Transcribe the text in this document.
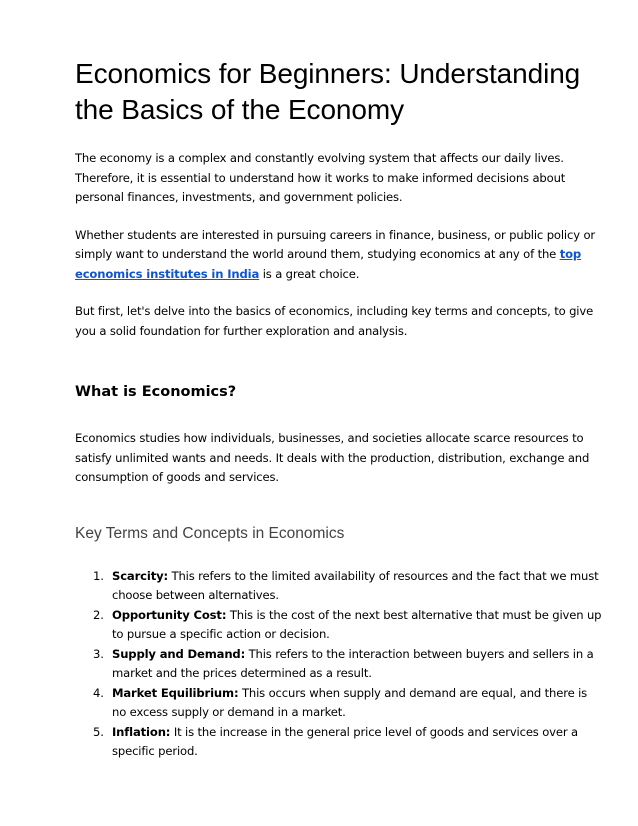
Economics for Beginners: Understanding the Basics of the Economy

The economy is a complex and constantly evolving system that affects our daily lives. Therefore, it is essential to understand how it works to make informed decisions about personal finances, investments, and government policies.

Whether students are interested in pursuing careers in finance, business, or public policy or simply want to understand the world around them, studying economics at any of the top economics institutes in India is a great choice.

But first, let's delve into the basics of economics, including key terms and concepts, to give you a solid foundation for further exploration and analysis.

What is Economics?

Economics studies how individuals, businesses, and societies allocate scarce resources to satisfy unlimited wants and needs. It deals with the production, distribution, exchange and consumption of goods and services.

Key Terms and Concepts in Economics
1. Scarcity: This refers to the limited availability of resources and the fact that we must choose between alternatives.
2. Opportunity Cost: This is the cost of the next best alternative that must be given up to pursue a specific action or decision.
3. Supply and Demand: This refers to the interaction between buyers and sellers in a market and the prices determined as a result.
4. Market Equilibrium: This occurs when supply and demand are equal, and there is no excess supply or demand in a market.
5. Inflation: It is the increase in the general price level of goods and services over a specific period.
